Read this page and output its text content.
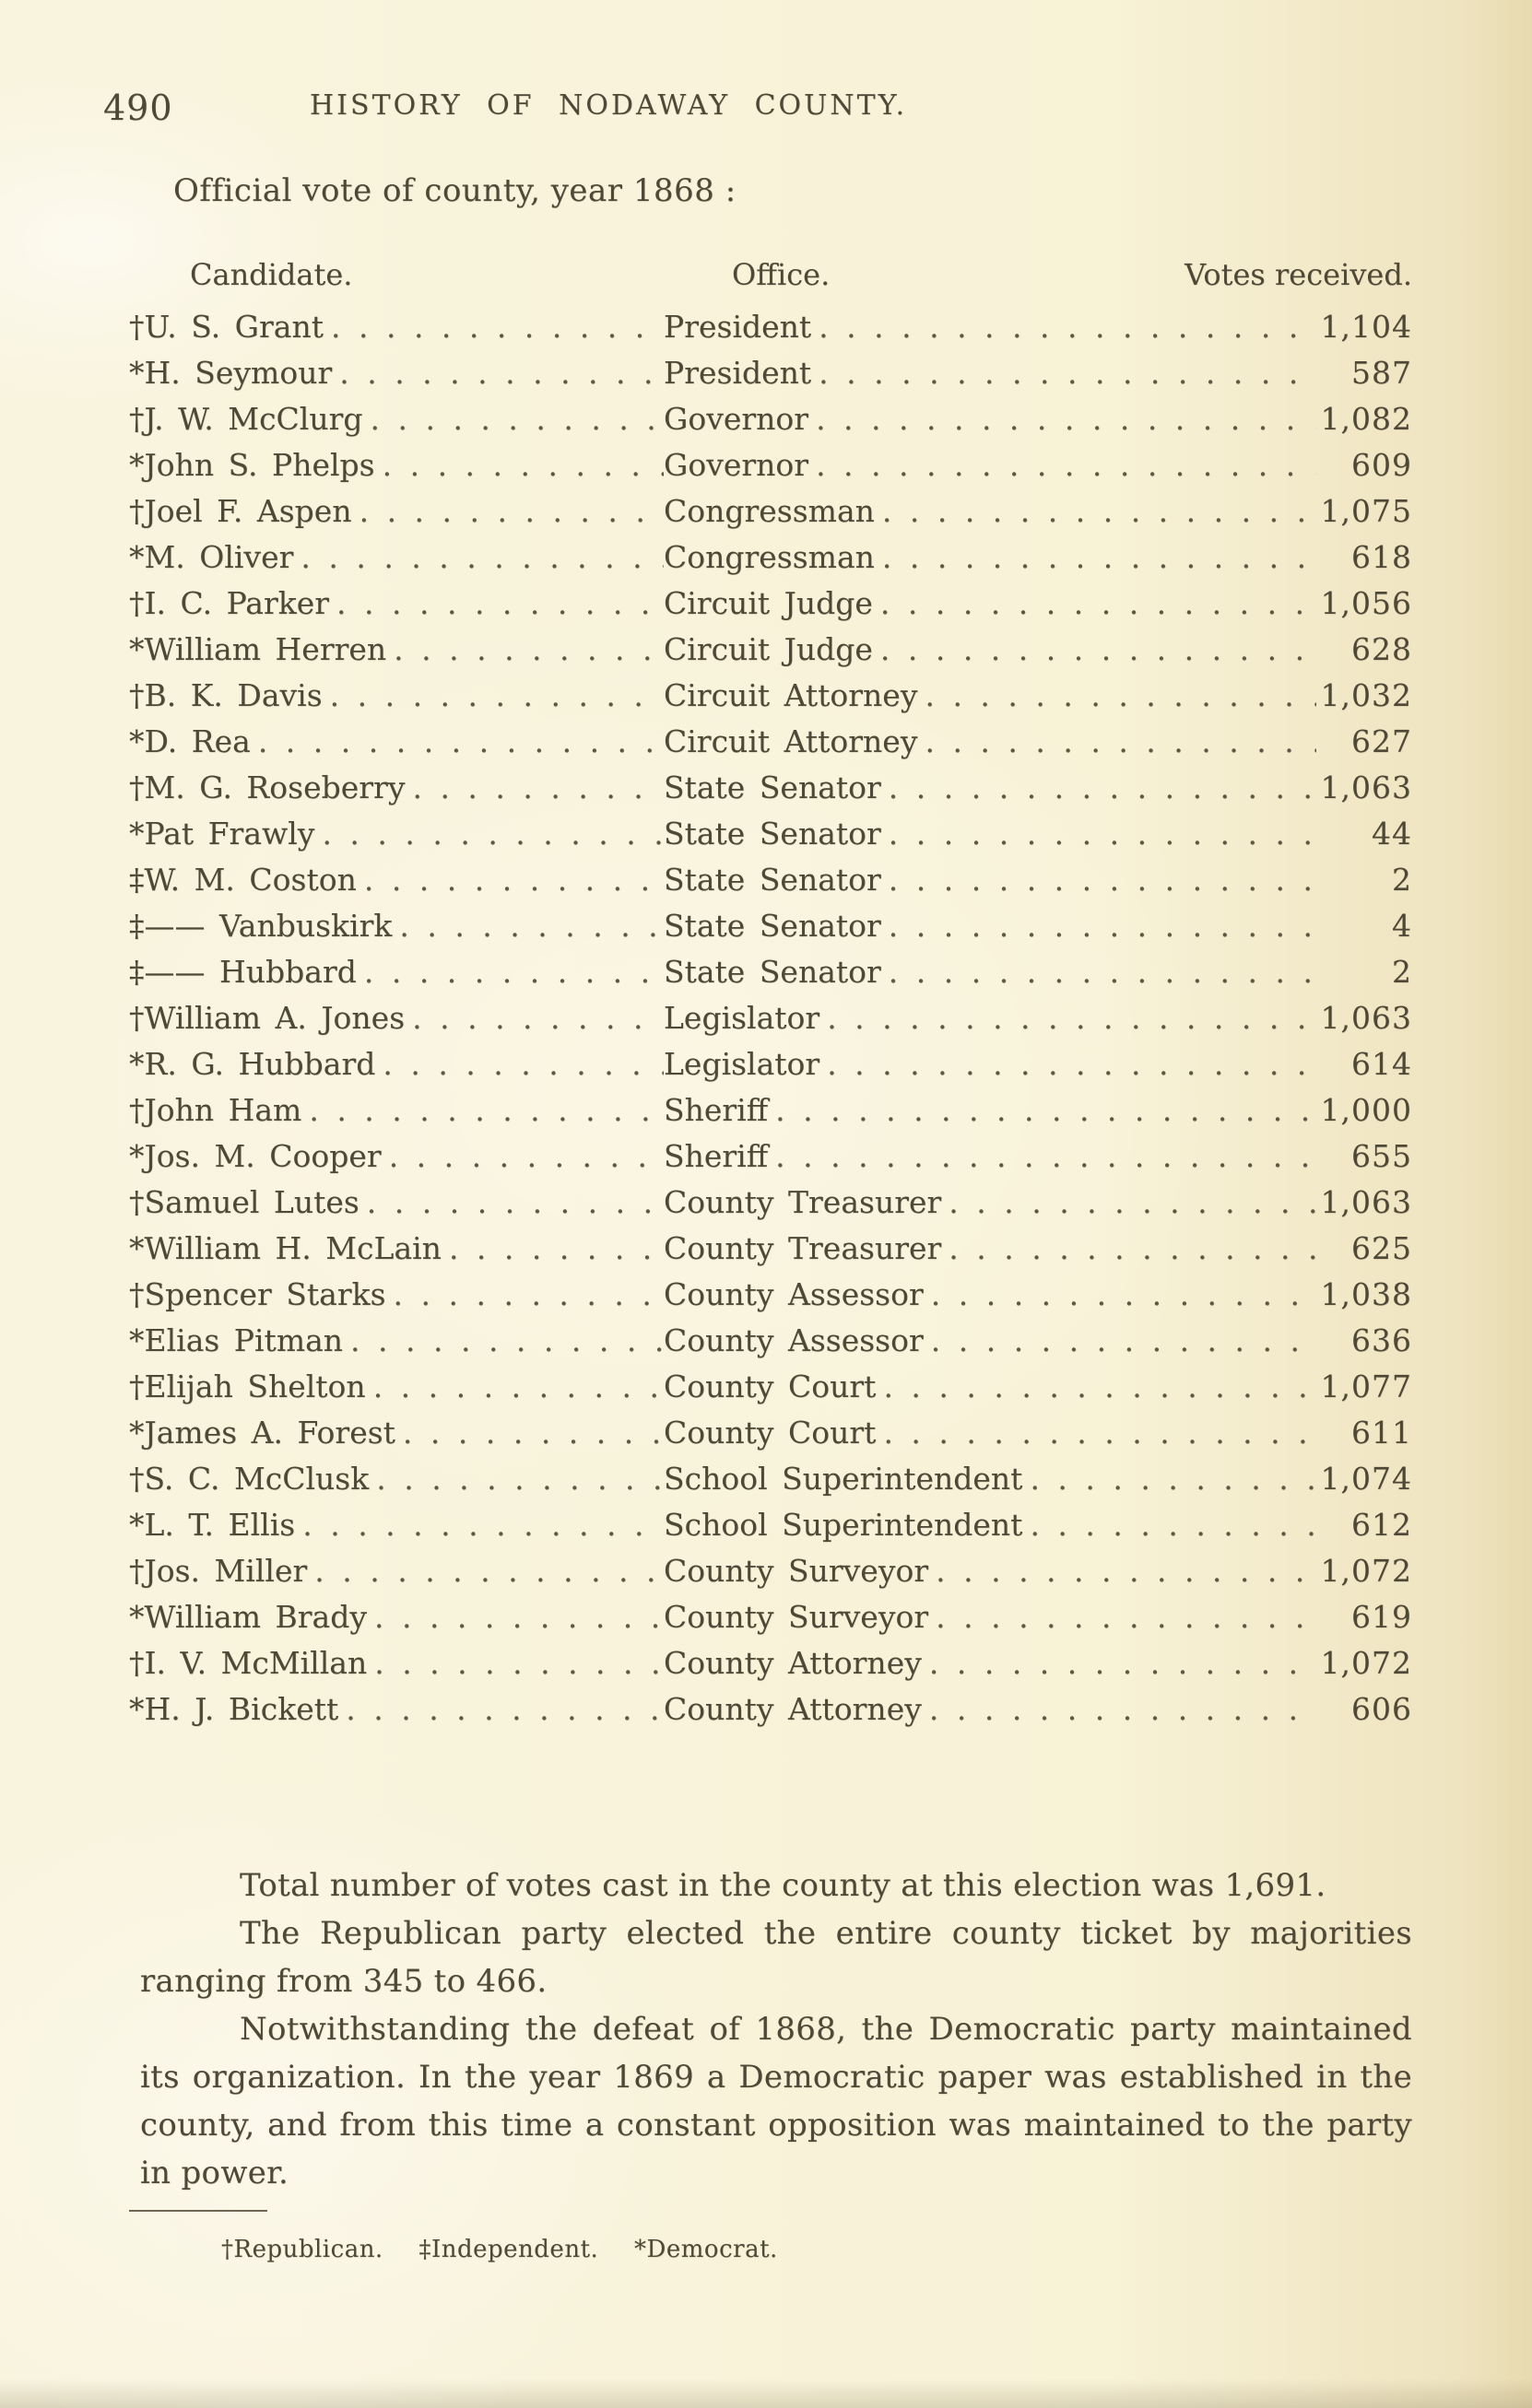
490	HISTORY OF NODAWAY COUNTY.
Official vote of county, year 1868 :
Candidate.	Office.	Votes received.
†U. S. Grant . . .	President . . .	1,104
*H. Seymour . . .	President . . .	587
†J. W. McClurg . . .	Governor . . .	1,082
*John S. Phelps . . .	Governor . . .	609
†Joel F. Aspen . . .	Congressman . . .	1,075
*M. Oliver . . .	Congressman . . .	618
†I. C. Parker . . .	Circuit Judge . . .	1,056
*William Herren . . .	Circuit Judge . . .	628
†B. K. Davis . . .	Circuit Attorney . . .	1,032
*D. Rea . . .	Circuit Attorney . . .	627
†M. G. Roseberry . . .	State Senator . . .	1,063
*Pat Frawly . . .	State Senator . . .	44
‡W. M. Coston . . .	State Senator . . .	2
‡—— Vanbuskirk . . .	State Senator . . .	4
‡—— Hubbard . . .	State Senator . . .	2
†William A. Jones . . .	Legislator . . .	1,063
*R. G. Hubbard . . .	Legislator . . .	614
†John Ham . . .	Sheriff . . .	1,000
*Jos. M. Cooper . . .	Sheriff . . .	655
†Samuel Lutes . . .	County Treasurer . . .	1,063
*William H. McLain . . .	County Treasurer . . .	625
†Spencer Starks . . .	County Assessor . . .	1,038
*Elias Pitman . . .	County Assessor . . .	636
†Elijah Shelton . . .	County Court . . .	1,077
*James A. Forest . . .	County Court . . .	611
†S. C. McClusk . . .	School Superintendent . . .	1,074
*L. T. Ellis . . .	School Superintendent . . .	612
†Jos. Miller . . .	County Surveyor . . .	1,072
*William Brady . . .	County Surveyor . . .	619
†I. V. McMillan . . .	County Attorney . . .	1,072
*H. J. Bickett . . .	County Attorney . . .	606

Total number of votes cast in the county at this election was 1,691.

The Republican party elected the entire county ticket by majorities ranging from 345 to 466.

Notwithstanding the defeat of 1868, the Democratic party maintained its organization. In the year 1869 a Democratic paper was established in the county, and from this time a constant opposition was maintained to the party in power.

†Republican. ‡Independent. *Democrat.
